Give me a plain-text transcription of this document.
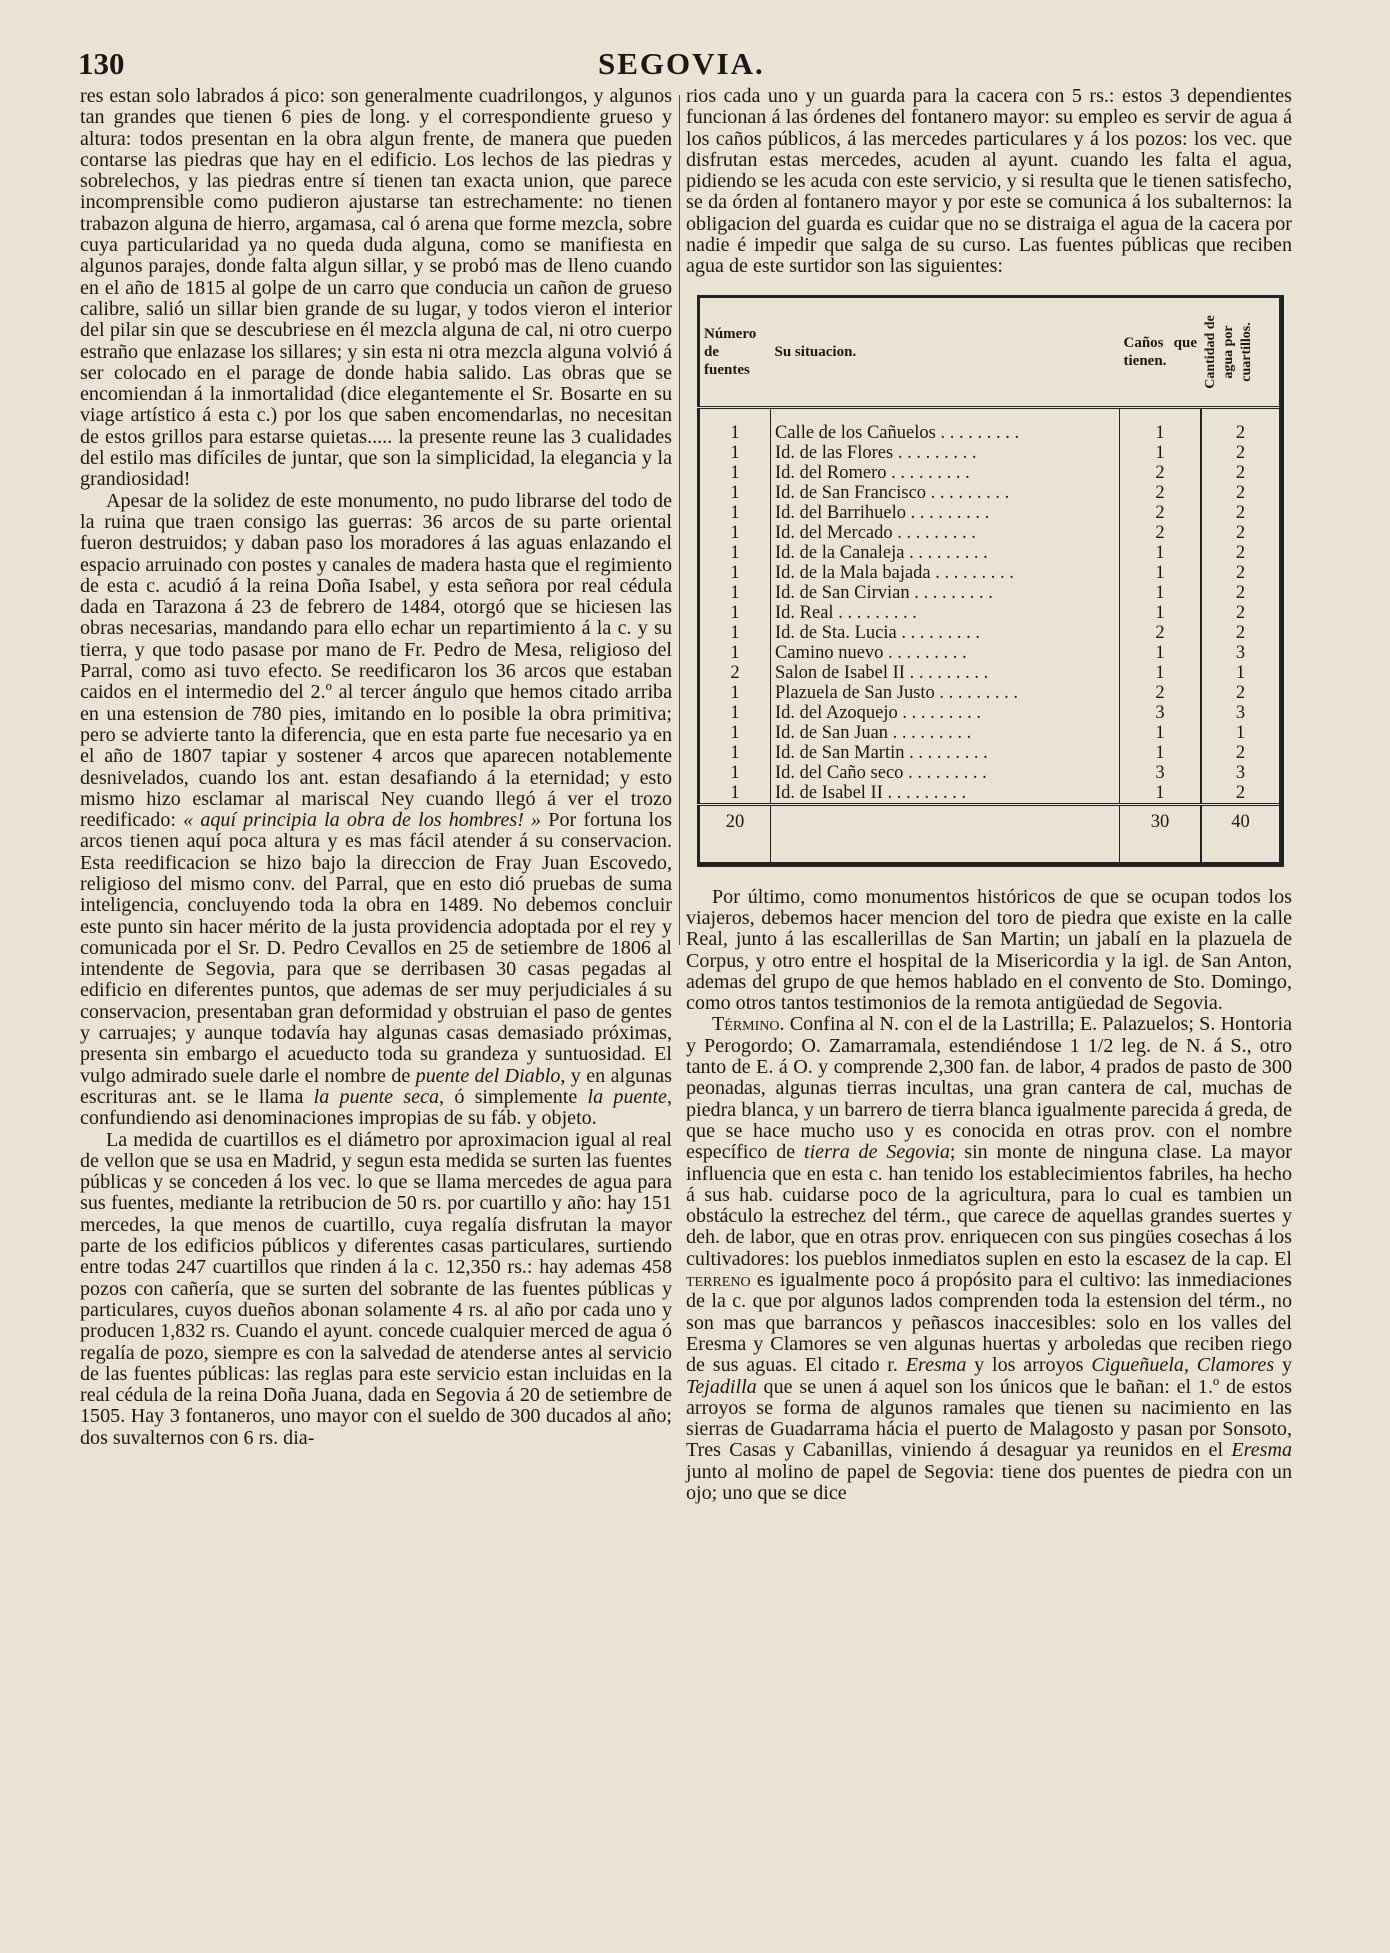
130	SEGOVIA.

res estan solo labrados á pico: son generalmente cuadrilongos, y algunos tan grandes que tienen 6 pies de long. y el correspondiente grueso y altura: todos presentan en la obra algun frente, de manera que pueden contarse las piedras que hay en el edificio. Los lechos de las piedras y sobrelechos, y las piedras entre sí tienen tan exacta union, que parece incomprensible como pudieron ajustarse tan estrechamente: no tienen trabazon alguna de hierro, argamasa, cal ó arena que forme mezcla, sobre cuya particularidad ya no queda duda alguna, como se manifiesta en algunos parajes, donde falta algun sillar, y se probó mas de lleno cuando en el año de 1815 al golpe de un carro que conducia un cañon de grueso calibre, salió un sillar bien grande de su lugar, y todos vieron el interior del pilar sin que se descubriese en él mezcla alguna de cal, ni otro cuerpo estraño que enlazase los sillares; y sin esta ni otra mezcla alguna volvió á ser colocado en el parage de donde habia salido. Las obras que se encomiendan á la inmortalidad (dice elegantemente el Sr. Bosarte en su viage artístico á esta c.) por los que saben encomendarlas, no necesitan de estos grillos para estarse quietas..... la presente reune las 3 cualidades del estilo mas difíciles de juntar, que son la simplicidad, la elegancia y la grandiosidad!

Apesar de la solidez de este monumento, no pudo librarse del todo de la ruina que traen consigo las guerras: 36 arcos de su parte oriental fueron destruidos; y daban paso los moradores á las aguas enlazando el espacio arruinado con postes y canales de madera hasta que el regimiento de esta c. acudió á la reina Doña Isabel, y esta señora por real cédula dada en Tarazona á 23 de febrero de 1484, otorgó que se hiciesen las obras necesarias, mandando para ello echar un repartimiento á la c. y su tierra, y que todo pasase por mano de Fr. Pedro de Mesa, religioso del Parral, como asi tuvo efecto. Se reedificaron los 36 arcos que estaban caidos en el intermedio del 2.º al tercer ángulo que hemos citado arriba en una estension de 780 pies, imitando en lo posible la obra primitiva; pero se advierte tanto la diferencia, que en esta parte fue necesario ya en el año de 1807 tapiar y sostener 4 arcos que aparecen notablemente desnivelados, cuando los ant. estan desafiando á la eternidad; y esto mismo hizo esclamar al mariscal Ney cuando llegó á ver el trozo reedificado: « aquí principia la obra de los hombres! » Por fortuna los arcos tienen aquí poca altura y es mas fácil atender á su conservacion. Esta reedificacion se hizo bajo la direccion de Fray Juan Escovedo, religioso del mismo conv. del Parral, que en esto dió pruebas de suma inteligencia, concluyendo toda la obra en 1489. No debemos concluir este punto sin hacer mérito de la justa providencia adoptada por el rey y comunicada por el Sr. D. Pedro Cevallos en 25 de setiembre de 1806 al intendente de Segovia, para que se derribasen 30 casas pegadas al edificio en diferentes puntos, que ademas de ser muy perjudiciales á su conservacion, presentaban gran deformidad y obstruian el paso de gentes y carruajes; y aunque todavía hay algunas casas demasiado próximas, presenta sin embargo el acueducto toda su grandeza y suntuosidad. El vulgo admirado suele darle el nombre de puente del Diablo, y en algunas escrituras ant. se le llama la puente seca, ó simplemente la puente, confundiendo asi denominaciones impropias de su fáb. y objeto.

La medida de cuartillos es el diámetro por aproximacion igual al real de vellon que se usa en Madrid, y segun esta medida se surten las fuentes públicas y se conceden á los vec. lo que se llama mercedes de agua para sus fuentes, mediante la retribucion de 50 rs. por cuartillo y año: hay 151 mercedes, la que menos de cuartillo, cuya regalía disfrutan la mayor parte de los edificios públicos y diferentes casas particulares, surtiendo entre todas 247 cuartillos que rinden á la c. 12,350 rs.: hay ademas 458 pozos con cañería, que se surten del sobrante de las fuentes públicas y particulares, cuyos dueños abonan solamente 4 rs. al año por cada uno y producen 1,832 rs. Cuando el ayunt. concede cualquier merced de agua ó regalía de pozo, siempre es con la salvedad de atenderse antes al servicio de las fuentes públicas: las reglas para este servicio estan incluidas en la real cédula de la reina Doña Juana, dada en Segovia á 20 de setiembre de 1505. Hay 3 fontaneros, uno mayor con el sueldo de 300 ducados al año; dos suvalternos con 6 rs. dia-

rios cada uno y un guarda para la cacera con 5 rs.: estos 3 dependientes funcionan á las órdenes del fontanero mayor: su empleo es servir de agua á los caños públicos, á las mercedes particulares y á los pozos: los vec. que disfrutan estas mercedes, acuden al ayunt. cuando les falta el agua, pidiendo se les acuda con este servicio, y si resulta que le tienen satisfecho, se da órden al fontanero mayor y por este se comunica á los subalternos: la obligacion del guarda es cuidar que no se distraiga el agua de la cacera por nadie é impedir que salga de su curso. Las fuentes públicas que reciben agua de este surtidor son las siguientes:

Número de fuentes	Su situacion.	Caños que tienen.	Cantidad de agua por cuartillos.

1	Calle de los Cañuelos . . .	1	2
1	Id. de las Flores . . .	1	2
1	Id. del Romero . . .	2	2
1	Id. de San Francisco . . .	2	2
1	Id. del Barrihuelo . . .	2	2
1	Id. del Mercado . . .	2	2
1	Id. de la Canaleja . . .	1	2
1	Id. de la Mala bajada . . .	1	2
1	Id. de San Cirvian . . .	1	2
1	Id. Real . . .	1	2
1	Id. de Sta. Lucia . . .	2	2
1	Camino nuevo . . .	1	3
2	Salon de Isabel II . . .	1	1
1	Plazuela de San Justo . . .	2	2
1	Id. del Azoquejo . . .	3	3
1	Id. de San Juan . . .	1	1
1	Id. de San Martin . . .	1	2
1	Id. del Caño seco . . .	3	3
1	Id. de Isabel II . . .	1	2
20		30	40

Por último, como monumentos históricos de que se ocupan todos los viajeros, debemos hacer mencion del toro de piedra que existe en la calle Real, junto á las escallerillas de San Martin; un jabalí en la plazuela de Corpus, y otro entre el hospital de la Misericordia y la igl. de San Anton, ademas del grupo de que hemos hablado en el convento de Sto. Domingo, como otros tantos testimonios de la remota antigüedad de Segovia.

Término. Confina al N. con el de la Lastrilla; E. Palazuelos; S. Hontoria y Perogordo; O. Zamarramala, estendiéndose 1 1/2 leg. de N. á S., otro tanto de E. á O. y comprende 2,300 fan. de labor, 4 prados de pasto de 300 peonadas, algunas tierras incultas, una gran cantera de cal, muchas de piedra blanca, y un barrero de tierra blanca igualmente parecida á greda, de que se hace mucho uso y es conocida en otras prov. con el nombre específico de tierra de Segovia; sin monte de ninguna clase. La mayor influencia que en esta c. han tenido los establecimientos fabriles, ha hecho á sus hab. cuidarse poco de la agricultura, para lo cual es tambien un obstáculo la estrechez del térm., que carece de aquellas grandes suertes y deh. de labor, que en otras prov. enriquecen con sus pingües cosechas á los cultivadores: los pueblos inmediatos suplen en esto la escasez de la cap. El terreno es igualmente poco á propósito para el cultivo: las inmediaciones de la c. que por algunos lados comprenden toda la estension del térm., no son mas que barrancos y peñascos inaccesibles: solo en los valles del Eresma y Clamores se ven algunas huertas y arboledas que reciben riego de sus aguas. El citado r. Eresma y los arroyos Cigueñuela, Clamores y Tejadilla que se unen á aquel son los únicos que le bañan: el 1.º de estos arroyos se forma de algunos ramales que tienen su nacimiento en las sierras de Guadarrama hácia el puerto de Malagosto y pasan por Sonsoto, Tres Casas y Cabanillas, viniendo á desaguar ya reunidos en el Eresma junto al molino de papel de Segovia: tiene dos puentes de piedra con un ojo; uno que se dice
